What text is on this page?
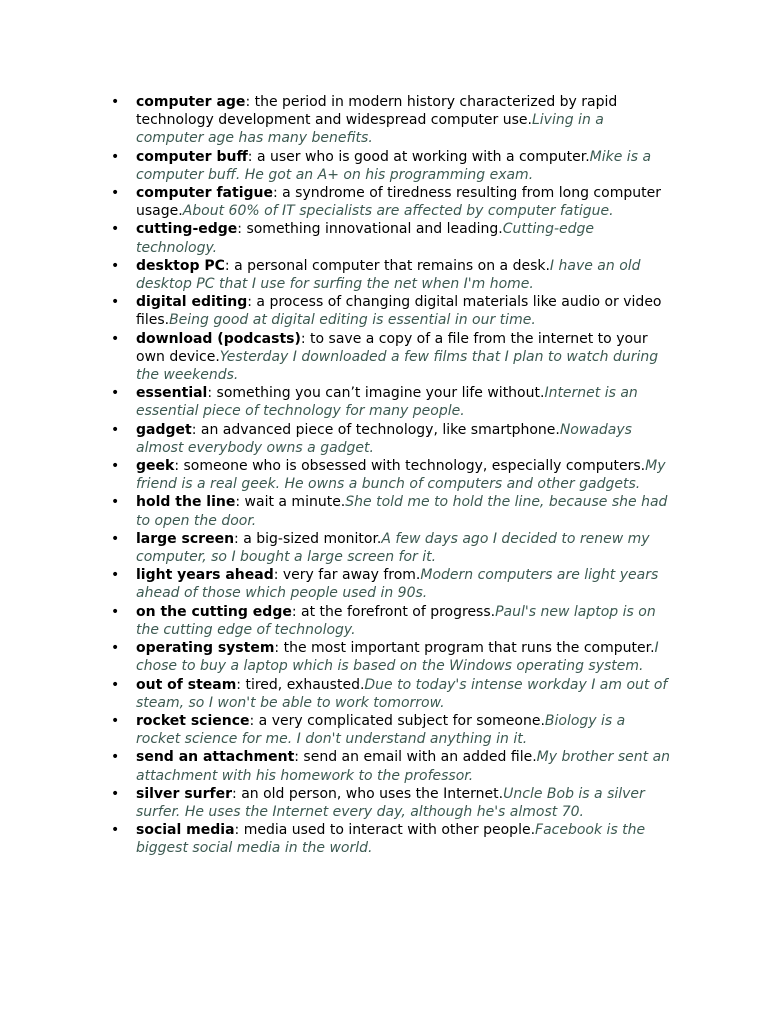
• computer age: the period in modern history characterized by rapid technology development and widespread computer use.Living in a computer age has many benefits.
• computer buff: a user who is good at working with a computer.Mike is a computer buff. He got an A+ on his programming exam.
• computer fatigue: a syndrome of tiredness resulting from long computer usage.About 60% of IT specialists are affected by computer fatigue.
• cutting-edge: something innovational and leading.Cutting-edge technology.
• desktop PC: a personal computer that remains on a desk.I have an old desktop PC that I use for surfing the net when I'm home.
• digital editing: a process of changing digital materials like audio or video files.Being good at digital editing is essential in our time.
• download (podcasts): to save a copy of a file from the internet to your own device.Yesterday I downloaded a few films that I plan to watch during the weekends.
• essential: something you can’t imagine your life without.Internet is an essential piece of technology for many people.
• gadget: an advanced piece of technology, like smartphone.Nowadays almost everybody owns a gadget.
• geek: someone who is obsessed with technology, especially computers.My friend is a real geek. He owns a bunch of computers and other gadgets.
• hold the line: wait a minute.She told me to hold the line, because she had to open the door.
• large screen: a big-sized monitor.A few days ago I decided to renew my computer, so I bought a large screen for it.
• light years ahead: very far away from.Modern computers are light years ahead of those which people used in 90s.
• on the cutting edge: at the forefront of progress.Paul's new laptop is on the cutting edge of technology.
• operating system: the most important program that runs the computer.I chose to buy a laptop which is based on the Windows operating system.
• out of steam: tired, exhausted.Due to today's intense workday I am out of steam, so I won't be able to work tomorrow.
• rocket science: a very complicated subject for someone.Biology is a rocket science for me. I don't understand anything in it.
• send an attachment: send an email with an added file.My brother sent an attachment with his homework to the professor.
• silver surfer: an old person, who uses the Internet.Uncle Bob is a silver surfer. He uses the Internet every day, although he's almost 70.
• social media: media used to interact with other people.Facebook is the biggest social media in the world.
